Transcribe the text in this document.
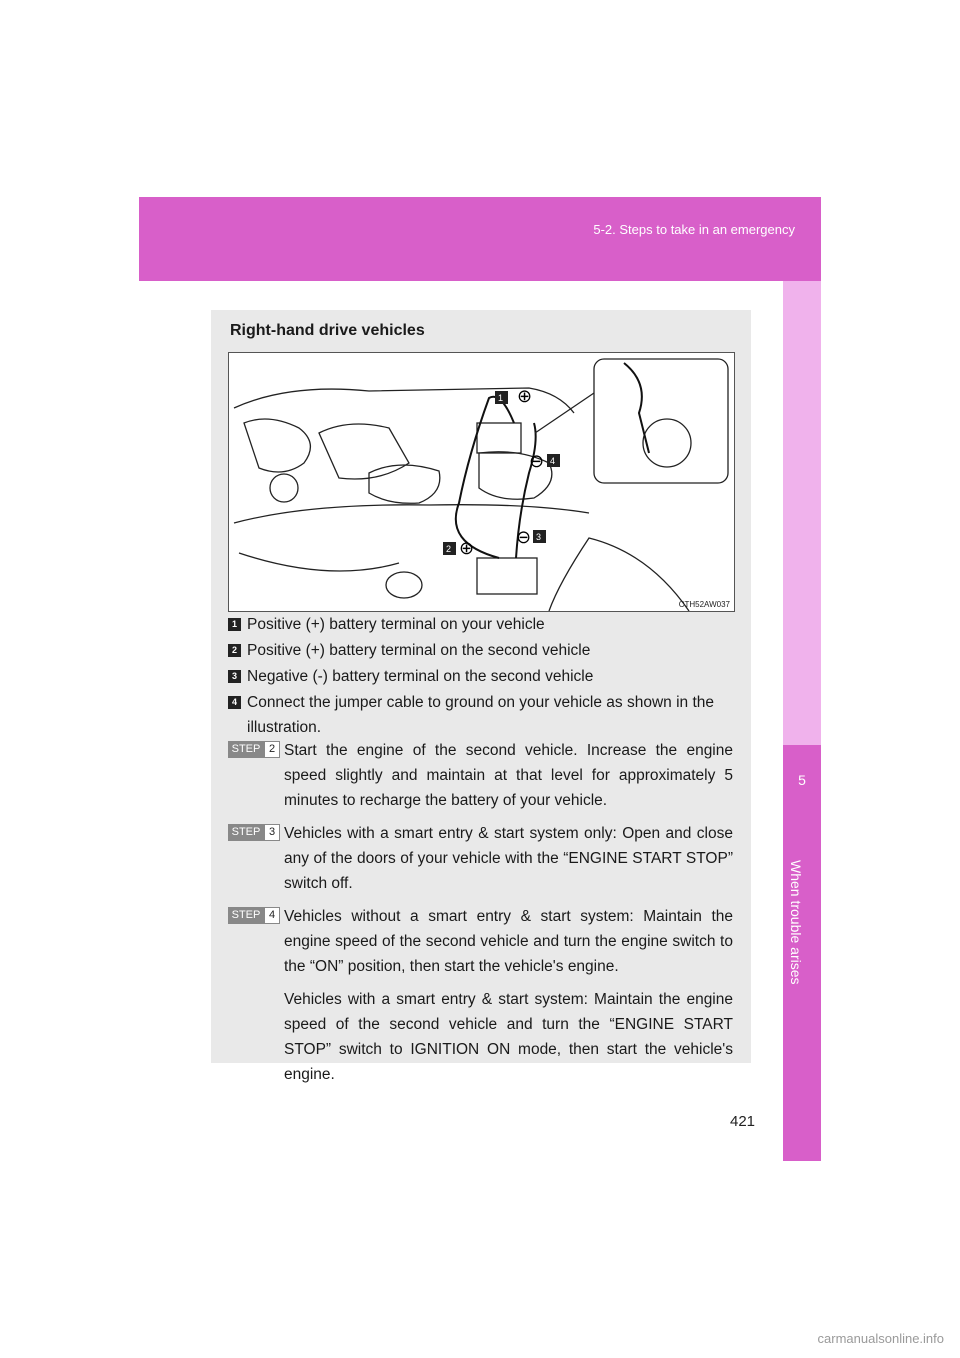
5-2. Steps to take in an emergency
5
When trouble arises
Right-hand drive vehicles
1 ⊕
2 ⊕
3
⊖
4
⊖
CTH52AW037
1 Positive (+) battery terminal on your vehicle
2 Positive (+) battery terminal on the second vehicle
3 Negative (-) battery terminal on the second vehicle
4 Connect the jumper cable to ground on your vehicle as shown in the illustration.
STEP 2 Start the engine of the second vehicle. Increase the engine speed slightly and maintain at that level for approximately 5 minutes to recharge the battery of your vehicle.
STEP 3 Vehicles with a smart entry & start system only: Open and close any of the doors of your vehicle with the “ENGINE START STOP” switch off.
STEP 4 Vehicles without a smart entry & start system: Maintain the engine speed of the second vehicle and turn the engine switch to the “ON” position, then start the vehicle's engine.
Vehicles with a smart entry & start system: Maintain the engine speed of the second vehicle and turn the “ENGINE START STOP” switch to IGNITION ON mode, then start the vehicle's engine.
421
carmanualsonline.info
